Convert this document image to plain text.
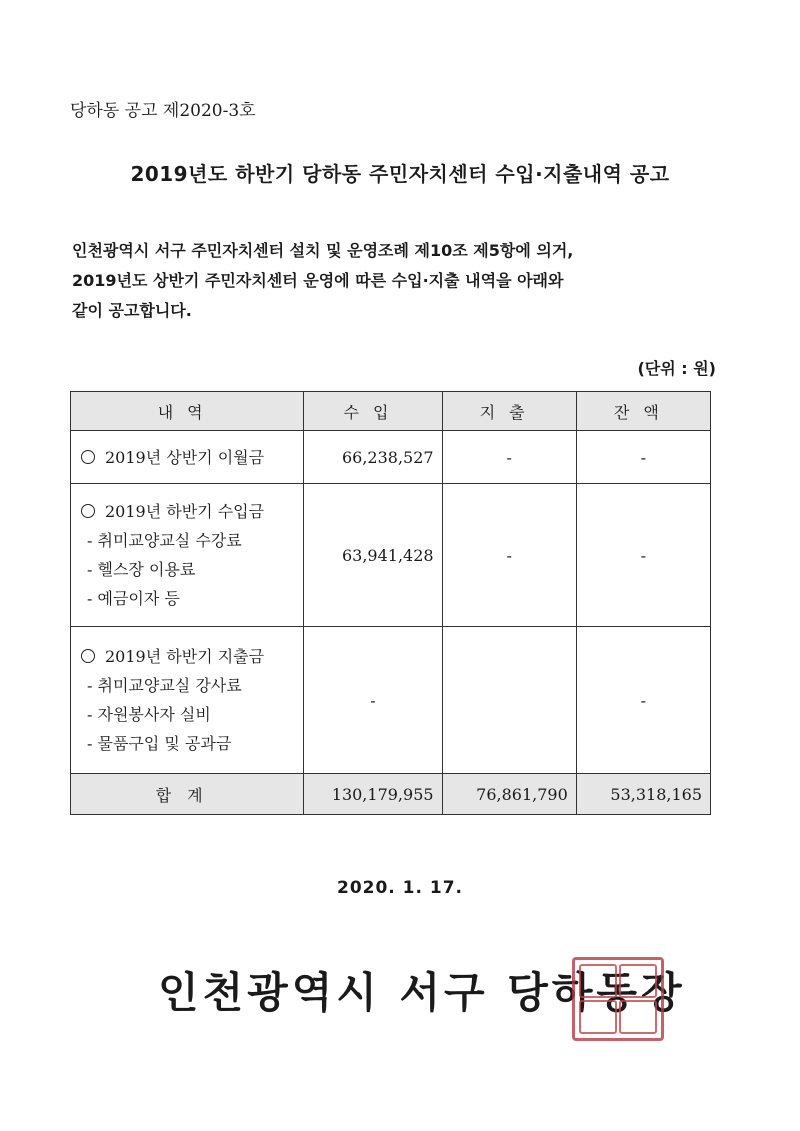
당하동 공고 제2020-3호
2019년도 하반기 당하동 주민자치센터 수입·지출내역 공고
인천광역시 서구 주민자치센터 설치 및 운영조례 제10조 제5항에 의거,
2019년도 상반기 주민자치센터 운영에 따른 수입·지출 내역을 아래와
같이 공고합니다.
(단위 : 원)
내역	수입	지출	잔액

2019년 상반기 이월금	66,238,527	-	-

2019년 하반기 수입금
- 취미교양교실 수강료
- 헬스장 이용료
- 예금이자 등	63,941,428	-	-

2019년 하반기 지출금
- 취미교양교실 강사료
- 자원봉사자 실비
- 물품구입 및 공과금	-		-
합계	130,179,955	76,861,790	53,318,165
2020. 1. 17.
인천광역시 서구 당하동장
